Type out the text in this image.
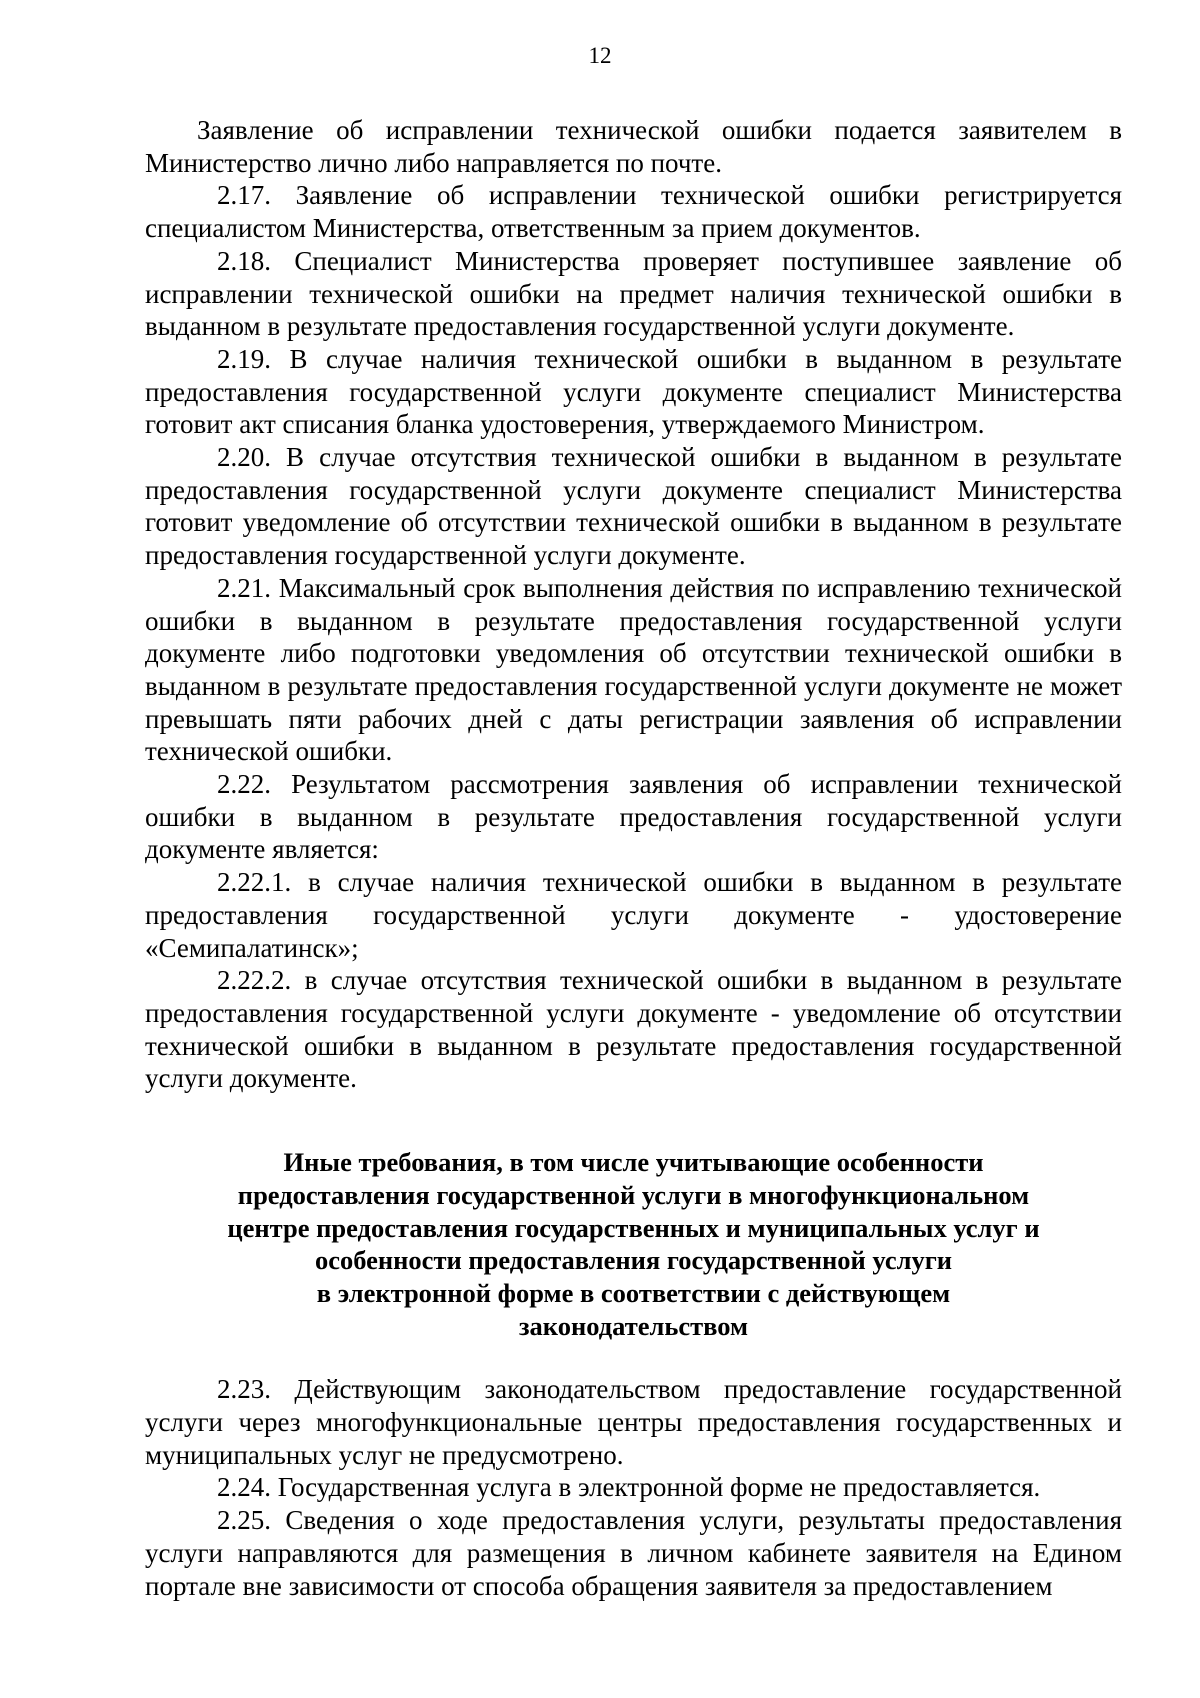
12

Заявление об исправлении технической ошибки подается заявителем в Министерство лично либо направляется по почте.

2.17. Заявление об исправлении технической ошибки регистрируется специалистом Министерства, ответственным за прием документов.

2.18. Специалист Министерства проверяет поступившее заявление об исправлении технической ошибки на предмет наличия технической ошибки в выданном в результате предоставления государственной услуги документе.

2.19. В случае наличия технической ошибки в выданном в результате предоставления государственной услуги документе специалист Министерства готовит акт списания бланка удостоверения, утверждаемого Министром.

2.20. В случае отсутствия технической ошибки в выданном в результате предоставления государственной услуги документе специалист Министерства готовит уведомление об отсутствии технической ошибки в выданном в результате предоставления государственной услуги документе.

2.21. Максимальный срок выполнения действия по исправлению технической ошибки в выданном в результате предоставления государственной услуги документе либо подготовки уведомления об отсутствии технической ошибки в выданном в результате предоставления государственной услуги документе не может превышать пяти рабочих дней с даты регистрации заявления об исправлении технической ошибки.

2.22. Результатом рассмотрения заявления об исправлении технической ошибки в выданном в результате предоставления государственной услуги документе является:

2.22.1. в случае наличия технической ошибки в выданном в результате предоставления государственной услуги документе - удостоверение «Семипалатинск»;

2.22.2. в случае отсутствия технической ошибки в выданном в результате предоставления государственной услуги документе - уведомление об отсутствии технической ошибки в выданном в результате предоставления государственной услуги документе.

Иные требования, в том числе учитывающие особенности
предоставления государственной услуги в многофункциональном
центре предоставления государственных и муниципальных услуг и
особенности предоставления государственной услуги
в электронной форме в соответствии с действующем
законодательством

2.23. Действующим законодательством предоставление государственной услуги через многофункциональные центры предоставления государственных и муниципальных услуг не предусмотрено.

2.24. Государственная услуга в электронной форме не предоставляется.

2.25. Сведения о ходе предоставления услуги, результаты предоставления услуги направляются для размещения в личном кабинете заявителя на Едином портале вне зависимости от способа обращения заявителя за предоставлением
